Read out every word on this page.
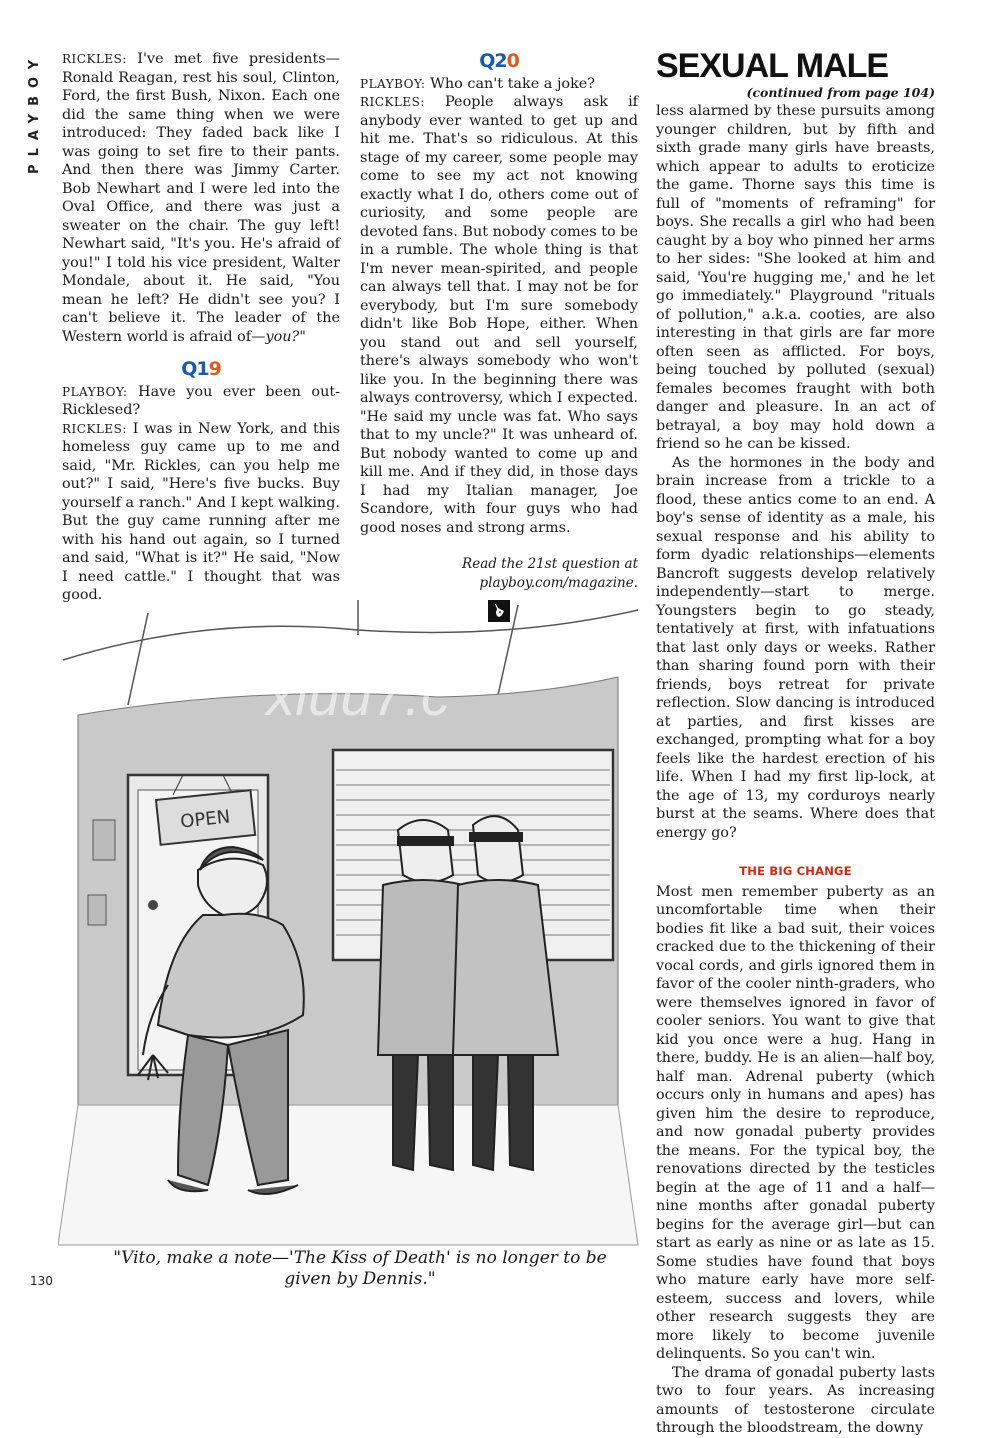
PLAYBOY	RICKLES: I've met five presidents—Ronald Reagan, rest his soul, Clinton, Ford, the first Bush, Nixon. Each one did the same thing when we were introduced: They faded back like I was going to set fire to their pants. And then there was Jimmy Carter. Bob Newhart and I were led into the Oval Office, and there was just a sweater on the chair. The guy left! Newhart said, "It's you. He's afraid of you!" I told his vice president, Walter Mondale, about it. He said, "You mean he left? He didn't see you? I can't believe it. The leader of the Western world is afraid of—you?"

Q19

PLAYBOY: Have you ever been out-Ricklesed?

RICKLES: I was in New York, and this homeless guy came up to me and said, "Mr. Rickles, can you help me out?" I said, "Here's five bucks. Buy yourself a ranch." And I kept walking. But the guy came running after me with his hand out again, so I turned and said, "What is it?" He said, "Now I need cattle." I thought that was good.

Q20

PLAYBOY: Who can't take a joke?

RICKLES: People always ask if anybody ever wanted to get up and hit me. That's so ridiculous. At this stage of my career, some people may come to see my act not knowing exactly what I do, others come out of curiosity, and some people are devoted fans. But nobody comes to be in a rumble. The whole thing is that I'm never mean-spirited, and people can always tell that. I may not be for everybody, but I'm sure somebody didn't like Bob Hope, either. When you stand out and sell yourself, there's always somebody who won't like you. In the beginning there was always controversy, which I expected. "He said my uncle was fat. Who says that to my uncle?" It was unheard of. But nobody wanted to come up and kill me. And if they did, in those days I had my Italian manager, Joe Scandore, with four guys who had good noses and strong arms.

Read the 21st question at playboy.com/magazine.
SEXUAL MALE
(continued from page 104)

less alarmed by these pursuits among younger children, but by fifth and sixth grade many girls have breasts, which appear to adults to eroticize the game. Thorne says this time is full of "moments of reframing" for boys. She recalls a girl who had been caught by a boy who pinned her arms to her sides: "She looked at him and said, 'You're hugging me,' and he let go immediately." Playground "rituals of pollution," a.k.a. cooties, are also interesting in that girls are far more often seen as afflicted. For boys, being touched by polluted (sexual) females becomes fraught with both danger and pleasure. In an act of betrayal, a boy may hold down a friend so he can be kissed.

As the hormones in the body and brain increase from a trickle to a flood, these antics come to an end. A boy's sense of identity as a male, his sexual response and his ability to form dyadic relationships—elements Bancroft suggests develop relatively independently—start to merge. Youngsters begin to go steady, tentatively at first, with infatuations that last only days or weeks. Rather than sharing found porn with their friends, boys retreat for private reflection. Slow dancing is introduced at parties, and first kisses are exchanged, prompting what for a boy feels like the hardest erection of his life. When I had my first lip-lock, at the age of 13, my corduroys nearly burst at the seams. Where does that energy go?

THE BIG CHANGE

Most men remember puberty as an uncomfortable time when their bodies fit like a bad suit, their voices cracked due to the thickening of their vocal cords, and girls ignored them in favor of the cooler ninth-graders, who were themselves ignored in favor of cooler seniors. You want to give that kid you once were a hug. Hang in there, buddy. He is an alien—half boy, half man. Adrenal puberty (which occurs only in humans and apes) has given him the desire to reproduce, and now gonadal puberty provides the means. For the typical boy, the renovations directed by the testicles begin at the age of 11 and a half—nine months after gonadal puberty begins for the average girl—but can start as early as nine or as late as 15. Some studies have found that boys who mature early have more self-esteem, success and lovers, while other research suggests they are more likely to become juvenile delinquents. So you can't win.

The drama of gonadal puberty lasts two to four years. As increasing amounts of testosterone circulate through the bloodstream, the downy

OPEN
xiuu7.c
"Vito, make a note—'The Kiss of Death' is no longer to be given by Dennis."
130
